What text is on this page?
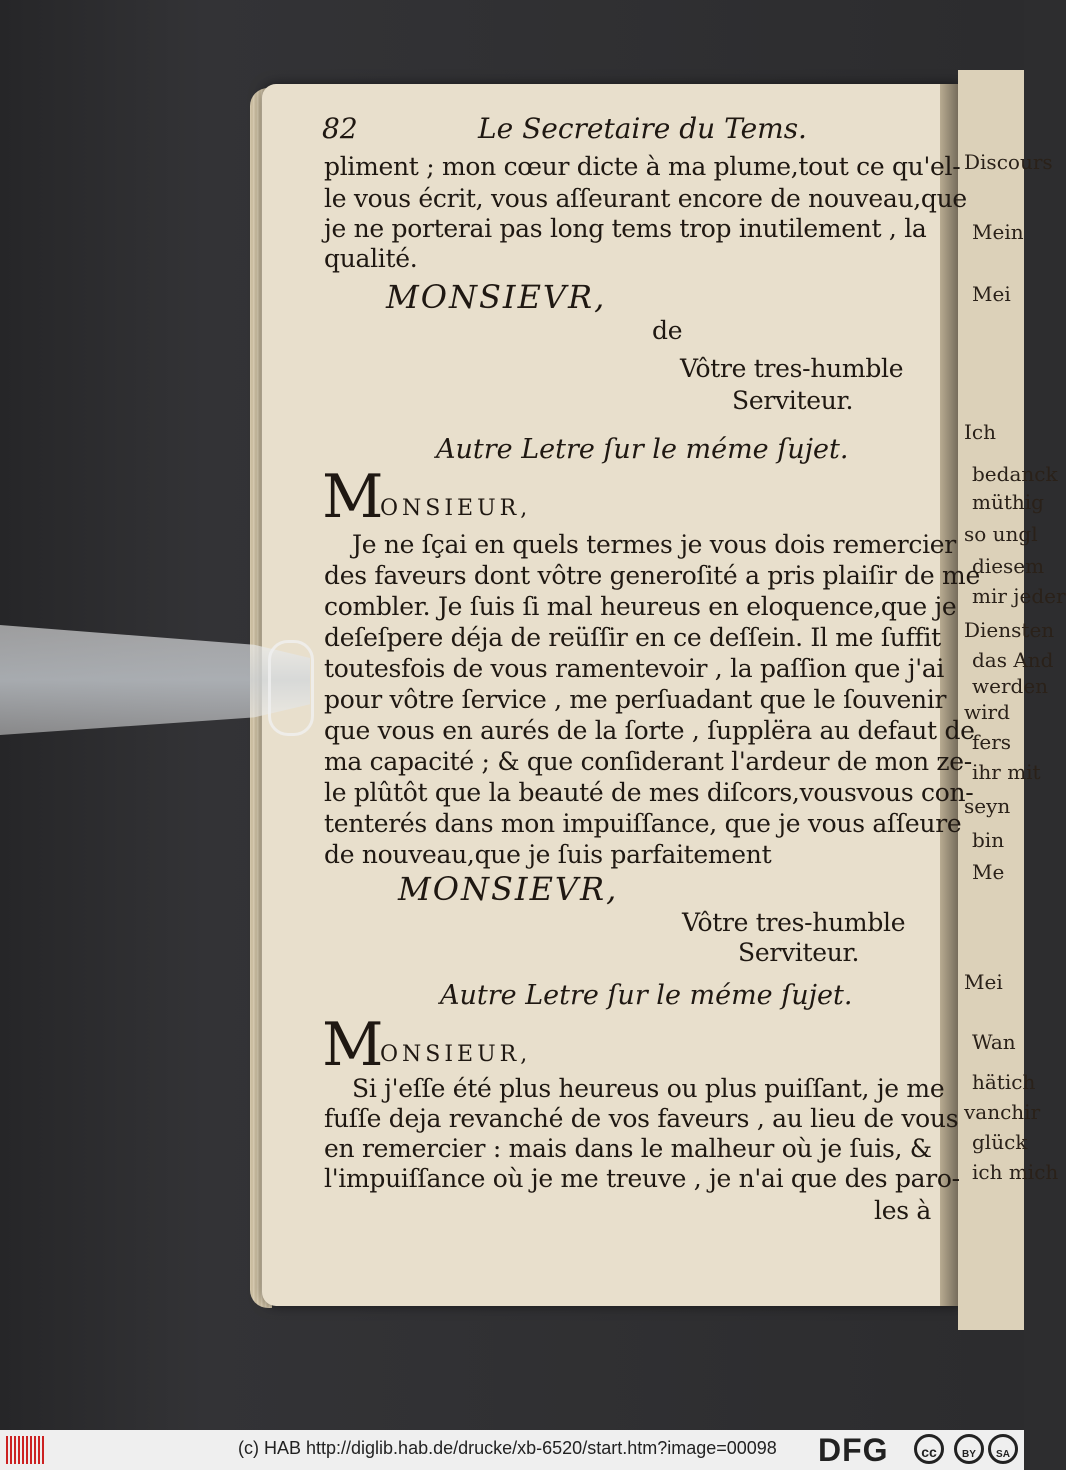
Discours
Mein
Mei
Ich
bedanck
müthig
so ungl
diesem
mir jeder
Diensten
das And
werden
wird
fers
ihr mit
seyn
bin
Me
Mei
Wan
hätich
vanchir
glück
ich mich
82	Le Secretaire du Tems.
pliment ; mon cœur dicte à ma plume,tout ce qu'el-
le vous écrit, vous aſſeurant encore de nouveau,que
je ne porterai pas long tems trop inutilement , la
qualité.
MONSIEVR,
de
Vôtre tres-humble
Serviteur.
Autre Letre ſur le méme ſujet.
M
ONSIEUR,
Je ne ſçai en quels termes je vous dois remercier
des faveurs dont vôtre generoſité a pris plaiſir de me
combler. Je ſuis ſi mal heureus en eloquence,que je
deſeſpere déja de reüſſir en ce deſſein. Il me ſuffit
toutesfois de vous ramentevoir , la paſſion que j'ai
pour vôtre ſervice , me perſuadant que le ſouvenir
que vous en aurés de la ſorte , ſupplëra au defaut de
ma capacité ; & que conſiderant l'ardeur de mon ze-
le plûtôt que la beauté de mes diſcors,vousvous con-
tenterés dans mon impuiſſance, que je vous aſſeure
de nouveau,que je ſuis parfaitement
MONSIEVR,
Vôtre tres-humble
Serviteur.
Autre Letre ſur le méme ſujet.
M
ONSIEUR,
Si j'eſſe été plus heureus ou plus puiſſant, je me
fuſſe deja revanché de vos faveurs , au lieu de vous
en remercier : mais dans le malheur où je ſuis, &
l'impuiſſance où je me treuve , je n'ai que des paro-
les à
(c) HAB http://diglib.hab.de/drucke/xb-6520/start.htm?image=00098 DFG	cc	BY	SA
